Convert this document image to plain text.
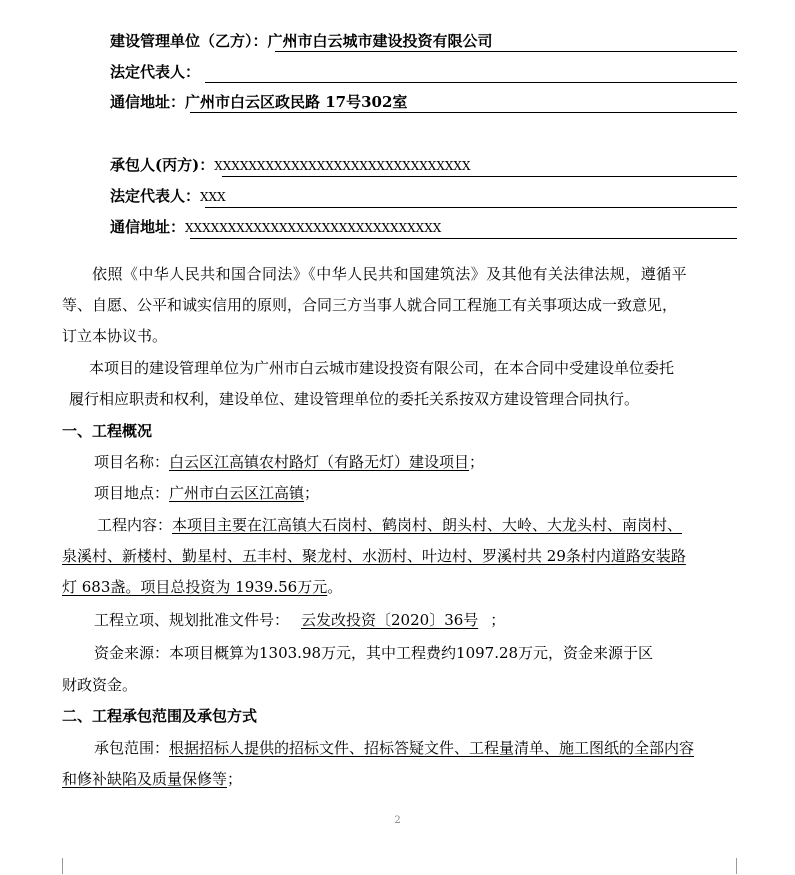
建设管理单位（乙方）：广州市白云城市建设投资有限公司
法定代表人：
通信地址：广州市白云区政民路 17号302室
承包人(丙方)：XXXXXXXXXXXXXXXXXXXXXXXXXXXXXX
法定代表人：XXX
通信地址：XXXXXXXXXXXXXXXXXXXXXXXXXXXXXX
依照《中华人民共和国合同法》《中华人民共和国建筑法》及其他有关法律法规，遵循平
等、自愿、公平和诚实信用的原则，合同三方当事人就合同工程施工有关事项达成一致意见，
订立本协议书。
本项目的建设管理单位为广州市白云城市建设投资有限公司，在本合同中受建设单位委托
履行相应职责和权利，建设单位、建设管理单位的委托关系按双方建设管理合同执行。
一、工程概况
项目名称：白云区江高镇农村路灯（有路无灯）建设项目；
项目地点：广州市白云区江高镇；
工程内容：本项目主要在江高镇大石岗村、鹤岗村、朗头村、大岭、大龙头村、南岗村、
泉溪村、新楼村、勤星村、五丰村、聚龙村、水沥村、叶边村、罗溪村共 29条村内道路安装路
灯 683盏。项目总投资为 1939.56万元。
工程立项、规划批准文件号： 云发改投资〔2020〕36号 ；
资金来源：本项目概算为1303.98万元，其中工程费约1097.28万元，资金来源于区
财政资金。
二、工程承包范围及承包方式
承包范围：根据招标人提供的招标文件、招标答疑文件、工程量清单、施工图纸的全部内容
和修补缺陷及质量保修等；
2
